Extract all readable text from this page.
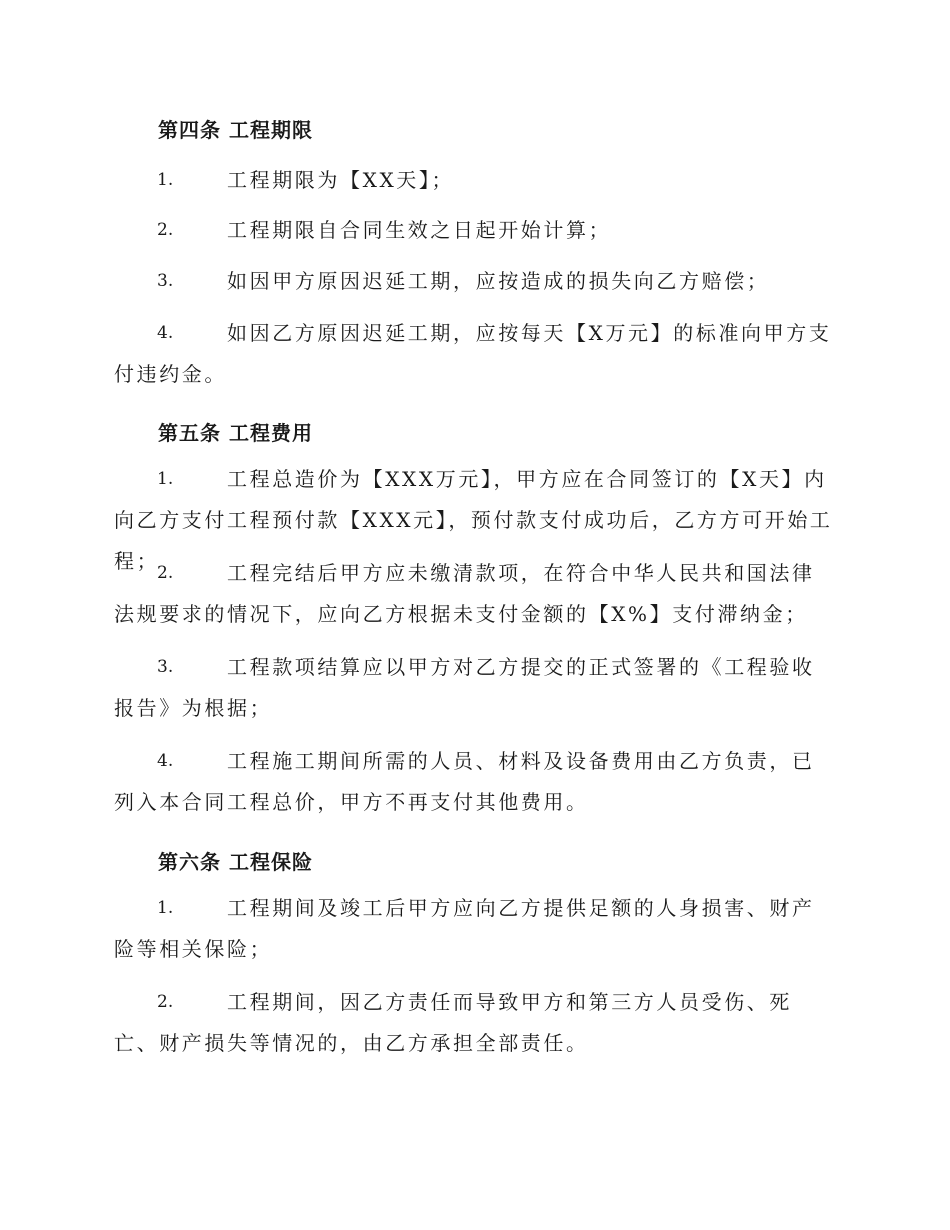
第四条 工程期限
1.	工程期限为【XX天】；
2.	工程期限自合同生效之日起开始计算；
3.	如因甲方原因迟延工期，应按造成的损失向乙方赔偿；
4.	如因乙方原因迟延工期，应按每天【X万元】的标准向甲方支付违约金。
第五条 工程费用
1.	工程总造价为【XXX万元】，甲方应在合同签订的【X天】内向乙方支付工程预付款【XXX元】，预付款支付成功后，乙方方可开始工程；
2.	工程完结后甲方应未缴清款项，在符合中华人民共和国法律法规要求的情况下，应向乙方根据未支付金额的【X%】支付滞纳金；
3.	工程款项结算应以甲方对乙方提交的正式签署的《工程验收报告》为根据；
4.	工程施工期间所需的人员、材料及设备费用由乙方负责，已列入本合同工程总价，甲方不再支付其他费用。
第六条 工程保险
1.	工程期间及竣工后甲方应向乙方提供足额的人身损害、财产险等相关保险；
2.	工程期间，因乙方责任而导致甲方和第三方人员受伤、死亡、财产损失等情况的，由乙方承担全部责任。
